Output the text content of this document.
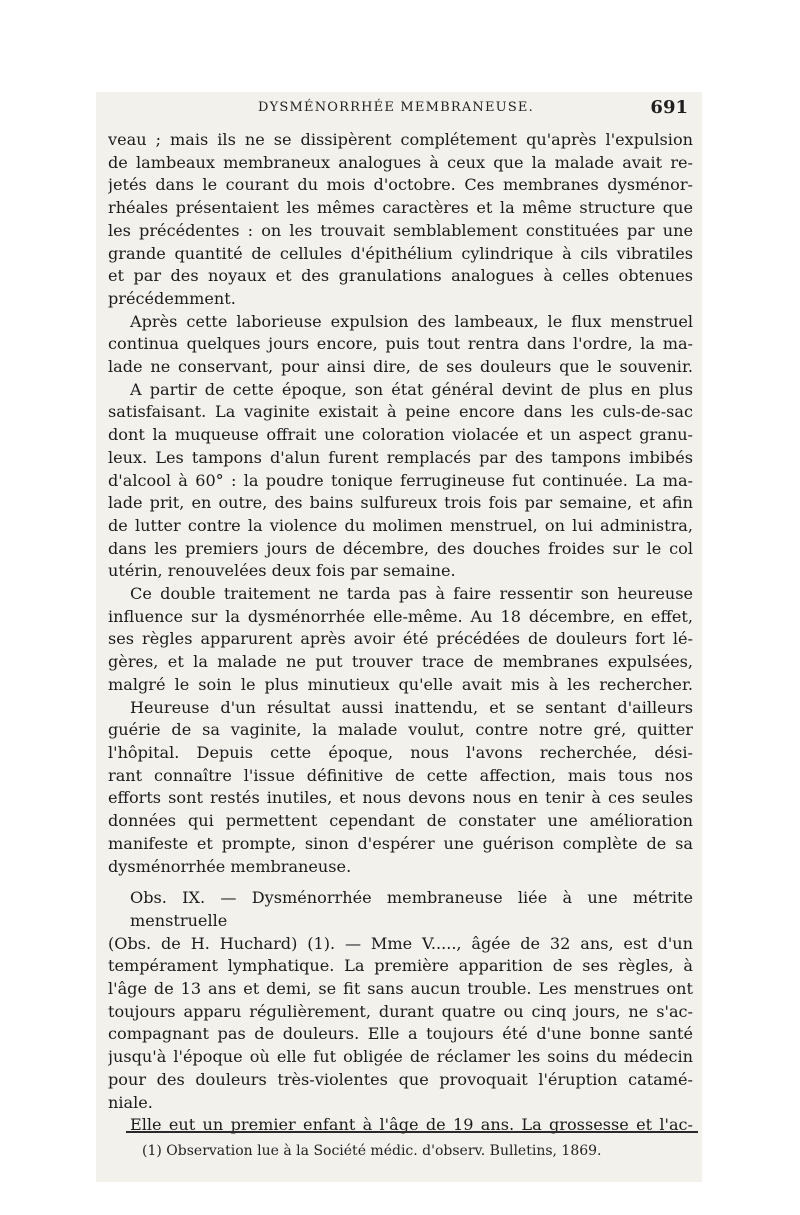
DYSMÉNORRHÉE MEMBRANEUSE.	691
veau ; mais ils ne se dissipèrent complétement qu'après l'expulsion
de lambeaux membraneux analogues à ceux que la malade avait re-
jetés dans le courant du mois d'octobre. Ces membranes dysménor-
rhéales présentaient les mêmes caractères et la même structure que
les précédentes : on les trouvait semblablement constituées par une
grande quantité de cellules d'épithélium cylindrique à cils vibratiles
et par des noyaux et des granulations analogues à celles obtenues
précédemment.
Après cette laborieuse expulsion des lambeaux, le flux menstruel
continua quelques jours encore, puis tout rentra dans l'ordre, la ma-
lade ne conservant, pour ainsi dire, de ses douleurs que le souvenir.
A partir de cette époque, son état général devint de plus en plus
satisfaisant. La vaginite existait à peine encore dans les culs-de-sac
dont la muqueuse offrait une coloration violacée et un aspect granu-
leux. Les tampons d'alun furent remplacés par des tampons imbibés
d'alcool à 60° : la poudre tonique ferrugineuse fut continuée. La ma-
lade prit, en outre, des bains sulfureux trois fois par semaine, et afin
de lutter contre la violence du molimen menstruel, on lui administra,
dans les premiers jours de décembre, des douches froides sur le col
utérin, renouvelées deux fois par semaine.
Ce double traitement ne tarda pas à faire ressentir son heureuse
influence sur la dysménorrhée elle-même. Au 18 décembre, en effet,
ses règles apparurent après avoir été précédées de douleurs fort lé-
gères, et la malade ne put trouver trace de membranes expulsées,
malgré le soin le plus minutieux qu'elle avait mis à les rechercher.
Heureuse d'un résultat aussi inattendu, et se sentant d'ailleurs
guérie de sa vaginite, la malade voulut, contre notre gré, quitter
l'hôpital. Depuis cette époque, nous l'avons recherchée, dési-
rant connaître l'issue définitive de cette affection, mais tous nos
efforts sont restés inutiles, et nous devons nous en tenir à ces seules
données qui permettent cependant de constater une amélioration
manifeste et prompte, sinon d'espérer une guérison complète de sa
dysménorrhée membraneuse.
Obs. IX. — Dysménorrhée membraneuse liée à une métrite menstruelle
(Obs. de H. Huchard) (1). — Mme V....., âgée de 32 ans, est d'un
tempérament lymphatique. La première apparition de ses règles, à
l'âge de 13 ans et demi, se fit sans aucun trouble. Les menstrues ont
toujours apparu régulièrement, durant quatre ou cinq jours, ne s'ac-
compagnant pas de douleurs. Elle a toujours été d'une bonne santé
jusqu'à l'époque où elle fut obligée de réclamer les soins du médecin
pour des douleurs très-violentes que provoquait l'éruption catamé-
niale.
Elle eut un premier enfant à l'âge de 19 ans. La grossesse et l'ac-
(1) Observation lue à la Société médic. d'observ. Bulletins, 1869.
